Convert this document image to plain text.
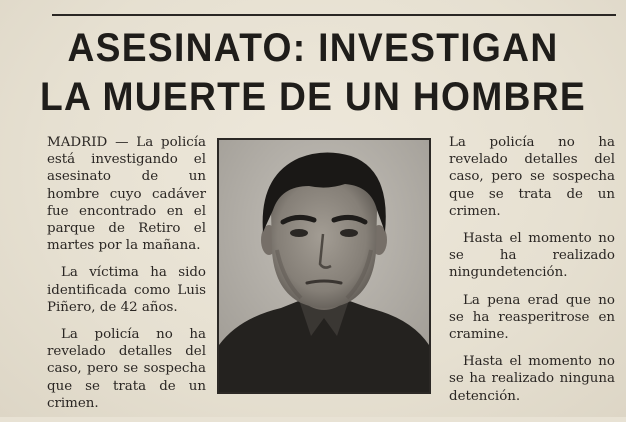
ASESINATO: INVESTIGAN
LA MUERTE DE UN HOMBRE

MADRID — La policía está investigando el asesinato de un hombre cuyo cadáver fue encontrado en el parque de Retiro el martes por la mañana.

La víctima ha sido identificada como Luis Piñero, de 42 años.

La policía no ha revelado detalles del caso, pero se sospecha que se trata de un crimen.

La policía no ha revelado detalles del caso, pero se sospecha que se trata de un crimen.

Hasta el momento no se ha realizado ningundetención.

La pena erad que no se ha reasperitrose en cramine.

Hasta el momento no se ha realizado ninguna detención.
